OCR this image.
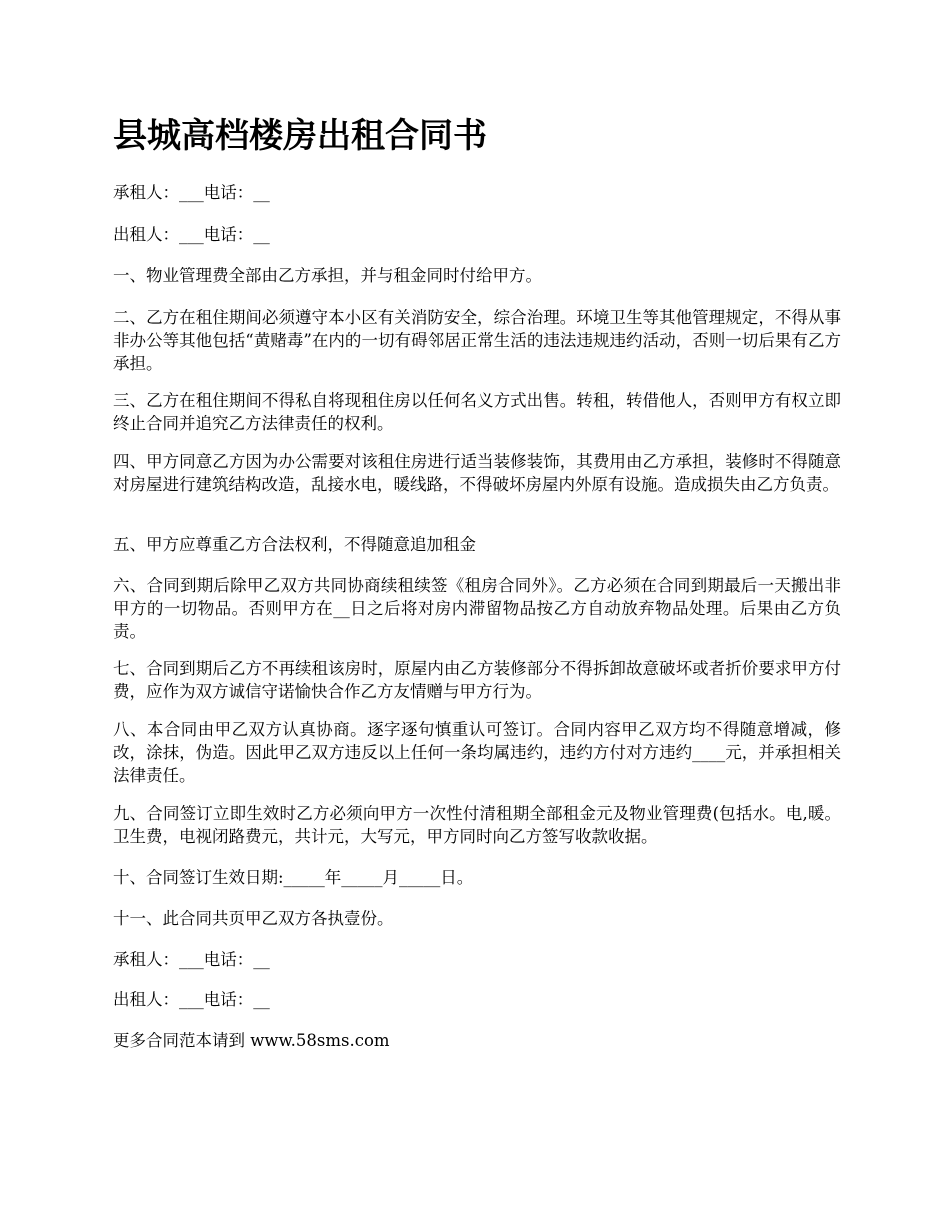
县城高档楼房出租合同书

承租人：___电话：__

出租人：___电话：__

一、物业管理费全部由乙方承担，并与租金同时付给甲方。

二、乙方在租住期间必须遵守本小区有关消防安全，综合治理。环境卫生等其他管理规定，不得从事非办公等其他包括“黄赌毒”在内的一切有碍邻居正常生活的违法违规违约活动，否则一切后果有乙方承担。

三、乙方在租住期间不得私自将现租住房以任何名义方式出售。转租，转借他人，否则甲方有权立即终止合同并追究乙方法律责任的权利。

四、甲方同意乙方因为办公需要对该租住房进行适当装修装饰，其费用由乙方承担，装修时不得随意对房屋进行建筑结构改造，乱接水电，暖线路，不得破坏房屋内外原有设施。造成损失由乙方负责。

五、甲方应尊重乙方合法权利，不得随意追加租金

六、合同到期后除甲乙双方共同协商续租续签《租房合同外》。乙方必须在合同到期最后一天搬出非甲方的一切物品。否则甲方在__日之后将对房内滞留物品按乙方自动放弃物品处理。后果由乙方负责。

七、合同到期后乙方不再续租该房时，原屋内由乙方装修部分不得拆卸故意破坏或者折价要求甲方付费，应作为双方诚信守诺愉快合作乙方友情赠与甲方行为。

八、本合同由甲乙双方认真协商。逐字逐句慎重认可签订。合同内容甲乙双方均不得随意增减，修改，涂抹，伪造。因此甲乙双方违反以上任何一条均属违约，违约方付对方违约____元，并承担相关法律责任。

九、合同签订立即生效时乙方必须向甲方一次性付清租期全部租金元及物业管理费(包括水。电,暖。卫生费，电视闭路费元，共计元，大写元，甲方同时向乙方签写收款收据。

十、合同签订生效日期:_____年_____月_____日。

十一、此合同共页甲乙双方各执壹份。

承租人：___电话：__

出租人：___电话：__

更多合同范本请到 www.58sms.com
